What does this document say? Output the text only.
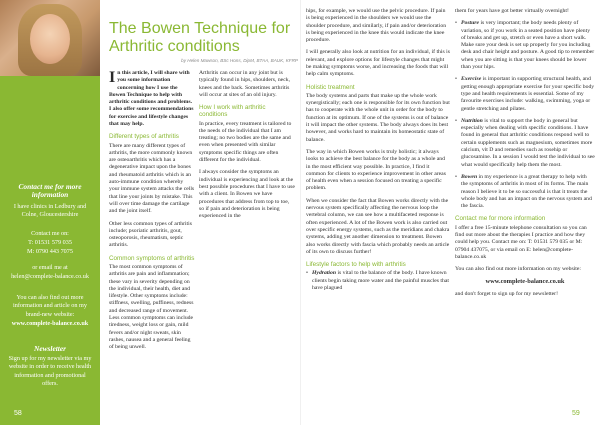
Contact me for more information
I have clinics in Ledbury and Colne, Gloucestershire
Contact me on:
T: 01531 579 035
M: 0790 443 7075
or email me at
helen@complete-balance.co.uk
You can also find out more information and article on my brand-new website:
www.complete-balance.co.uk
Newsletter
Sign up for my newsletter via my website in order to receive health information and promotional offers.
58
The Bowen Technique for Arthritic conditions
by Helen Mawson, BSc Hons, DipM, BTAA, BAUK, KFRP

In this article, I will share with you some information concerning how I use the Bowen Technique to help with arthritic conditions and problems. I also offer some recommendations for exercise and lifestyle changes that may help.

Different types of arthritis

There are many different types of arthritis, the more commonly known are osteoarthritis which has a degenerative impact upon the bones and rheumatoid arthritis which is an auto-immune condition whereby your immune system attacks the cells that line your joints by mistake. This will over time damage the cartilage and the joint itself.

Other less common types of arthritis include; psoriatic arthritis, gout, osteoporosis, rheumatism, septic arthritis.

Common symptoms of arthritis

The most common symptoms of arthritis are pain and inflammation; these vary in severity depending on the individual, their health, diet and lifestyle. Other symptoms include: stiffness, swelling, puffiness, redness and decreased range of movement. Less common symptoms can include tiredness, weight loss or gain, mild fevers and/or night sweats, skin rashes, nausea and a general feeling of being unwell.

Arthritis can occur in any joint but is typically found in hips, shoulders, neck, knees and the back. Sometimes arthritis will occur at sites of an old injury.

How I work with arthritic conditions

In practice, every treatment is tailored to the needs of the individual that I am treating; no two bodies are the same and even when presented with similar symptoms specific things are often different for the individual.

I always consider the symptoms an individual is experiencing and look at the best possible procedures that I have to use with a client. In Bowen we have procedures that address from top to toe, so if pain and deterioration is being experienced in the

hips, for example, we would use the pelvic procedure. If pain is being experienced in the shoulders we would use the shoulder procedure, and similarly, if pain and/or deterioration is being experienced in the knee this would indicate the knee procedure.

I will generally also look at nutrition for an individual, if this is relevant, and explore options for lifestyle changes that might be making symptoms worse, and increasing the foods that will help calm symptoms.

Holistic treatment

The body systems and parts that make up the whole work synergistically; each one is responsible for its own function but has to cooperate with the whole unit in order for the body to function at its optimum. If one of the systems is out of balance it will impact the other systems. The body always does its best however, and works hard to maintain its homeostatic state of balance.

The way in which Bowen works is truly holistic; it always looks to achieve the best balance for the body as a whole and in the most efficient way possible. In practice, I find it common for clients to experience improvement in other areas of health even when a session focused on treating a specific problem.

When we consider the fact that Bowen works directly with the nervous system specifically affecting the nervous loop the vertebral column, we can see how a multifaceted response is often experienced. A lot of the Bowen work is also carried out over specific energy systems, such as the meridians and chakra systems, adding yet another dimension to treatment. Bowen also works directly with fascia which probably needs an article of its own to discuss further!

Lifestyle factors to help with arthritis
• Hydration is vital to the balance of the body. I have known clients begin taking more water and the painful muscles that have plagued

them for years have got better virtually overnight!

• Posture is very important; the body needs plenty of variation, so if you work in a seated position have plenty of breaks and get up, stretch or even have a short walk. Make sure your desk is set up properly for you including desk and chair height and posture. A good tip to remember when you are sitting is that your knees should be lower than your hips.
• Exercise is important in supporting structural health, and getting enough appropriate exercise for your specific body type and health requirements is essential. Some of my favourite exercises include: walking, swimming, yoga or gentle stretching and pilates.
• Nutrition is vital to support the body in general but especially when dealing with specific conditions. I have found in general that arthritic conditions respond well to certain supplements such as magnesium, sometimes more calcium, vit D and remedies such as rosehip or glucosamine. In a session I would test the individual to see what would specifically help them the most.
• Bowen in my experience is a great therapy to help with the symptoms of arthritis in most of its forms. The main reason I believe it to be so successful is that it treats the whole body and has an impact on the nervous system and the fascia.
Contact me for more information

I offer a free 15-minute telephone consultation so you can find out more about the therapies I practice and how they could help you. Contact me on: T: 01531 579 035 or M: 07904 437075, or via email on E: helen@complete-balance.co.uk

You can also find out more information on my website:

www.complete-balance.co.uk

and don't forget to sign up for my newsletter!

59
